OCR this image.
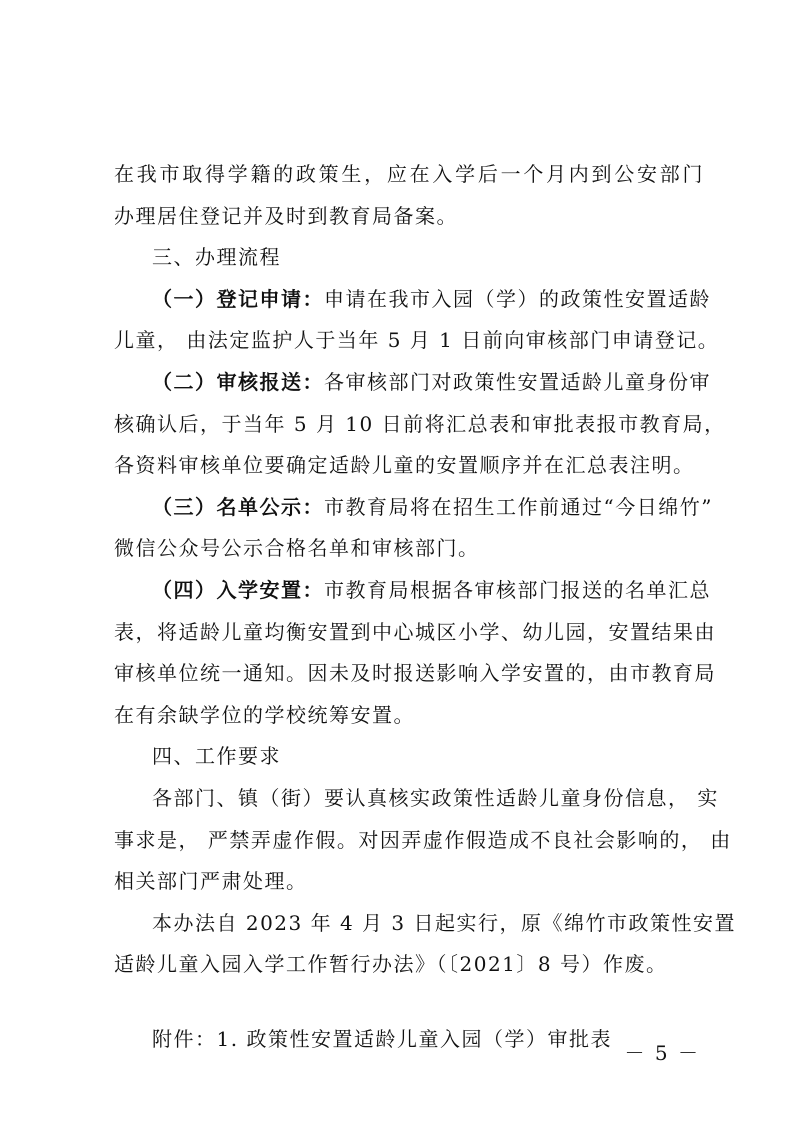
在我市取得学籍的政策生，应在入学后一个月内到公安部门
办理居住登记并及时到教育局备案。
三、办理流程
（一）登记申请：申请在我市入园（学）的政策性安置适龄
儿童， 由法定监护人于当年 5 月 1 日前向审核部门申请登记。
（二）审核报送：各审核部门对政策性安置适龄儿童身份审
核确认后，于当年 5 月 10 日前将汇总表和审批表报市教育局，
各资料审核单位要确定适龄儿童的安置顺序并在汇总表注明。
（三）名单公示：市教育局将在招生工作前通过“今日绵竹”
微信公众号公示合格名单和审核部门。
（四）入学安置：市教育局根据各审核部门报送的名单汇总
表，将适龄儿童均衡安置到中心城区小学、幼儿园，安置结果由
审核单位统一通知。因未及时报送影响入学安置的，由市教育局
在有余缺学位的学校统筹安置。
四、工作要求
各部门、镇（街）要认真核实政策性适龄儿童身份信息， 实
事求是， 严禁弄虚作假。对因弄虚作假造成不良社会影响的， 由
相关部门严肃处理。
本办法自 2023 年 4 月 3 日起实行，原《绵竹市政策性安置
适龄儿童入园入学工作暂行办法》（〔2021〕8 号）作废。
附件：1. 政策性安置适龄儿童入园（学）审批表
－ 5 －
